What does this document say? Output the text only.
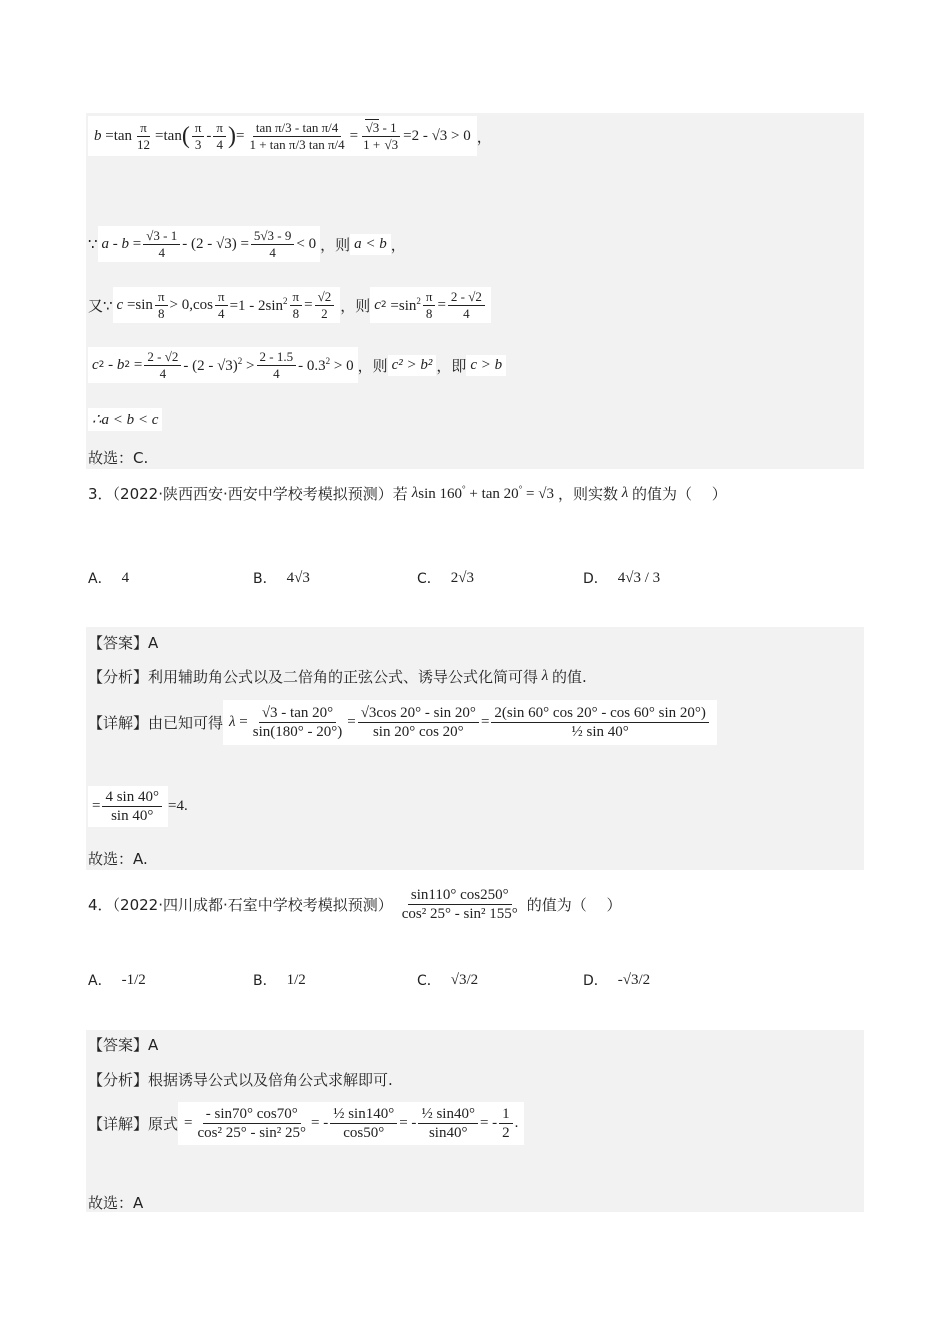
$b =\tan \frac{\pi}{12} =\tan$ ( $\frac{\pi}{3} - \frac{\pi}{4}$ ) = $\frac{\text{tan π/3 - tan π/4}}{\text{1 + tan π/3 tan π/4}} = \frac{√3 - 1}{1 + √3} =2 - √3 > 0$ ，
∵ $a - b = \frac{√3 - 1}{4} - (2 - √3) = \frac{5√3 - 9}{4} < 0$ ，则 a < b ，
又∵ $c =\sin \frac{\pi}{8} > 0,\cos \frac{\pi}{4} =1 - 2\sin^2 \frac{\pi}{8} = \frac{√2}{2}$ ，则 c $2 =\sin^2 \frac{\pi}{8} = \frac{2 - √2}{4}$
c 2 - b $2 = \frac{2 - √2}{4} - (2 - √3)^2 > \frac{2 - 1.5}{4} - 0.3^2 > 0$ ，则 c² > b² ，即 c > b
∴a < b < c
故选：C.
3．（2022·陕西西安·西安中学校考模拟预测）若 λ sin 160° + tan 20° = √3 ，则实数 λ 的值为（　 ）
A． 4	B． 4√3	C． 2√3	D． 4√3 / 3
【答案】A
【分析】利用辅助角公式以及二倍角的正弦公式、诱导公式化简可得 λ 的值.
【详解】由已知可得 $\lambda = \frac{√3 - \tan 20^\circ}{\sin(180^\circ - 20^\circ)} = \frac{√3\cos 20^\circ - \sin 20^\circ}{\sin 20^\circ \cos 20^\circ} = \frac{2(\sin 60^\circ \cos 20^\circ - \cos 60^\circ \sin 20^\circ)}{\text{½ sin 40°}}$
= $\frac{4 \sin 40^\circ}{\sin 40^\circ} =4$.
故选：A.
4．（2022·四川成都·石室中学校考模拟预测） $\frac{\sin 110^\circ \cos 250^\circ}{\text{cos² 25° - sin² 155°}}$ 的值为（　 ）
A． -1/2	B． 1/2	C． √3/2	D． -√3/2
【答案】A
【分析】根据诱导公式以及倍角公式求解即可.
【详解】原式 = $\frac{- \sin 70^\circ \cos 70^\circ}{\text{cos² 25° - sin² 25°}}$ = - $\frac{\text{½ sin140°}}{\cos 50^\circ}$ = - $\frac{\text{½ sin40°}}{\sin 40^\circ}$ = - $\frac{1}{2}$ .
故选：A
